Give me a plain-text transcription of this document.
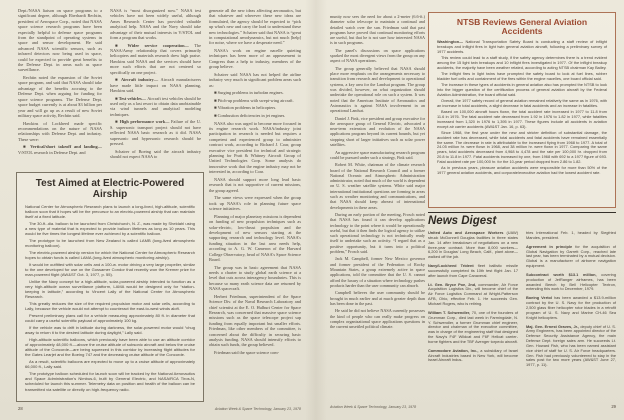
Dept./NASA liaison on space programs to a significant degree, although Eberhardt Rechtin, president of Aerospace Corp., noted that NASA space science research programs have been especially helpful to defense space programs from the standpoint of operating systems in space and sensor development. He said advanced NASA scientific sensors, such as infrared detectors now being used in space, could be expected to provide great benefits to the Defense Dept. in areas such as space surveillance.

Rechtin noted the expansion of the Soviet space program, and said that NASA should take advantage of the benefits accruing to the Defense Dept. when arguing for funding for space science programs. The Defense Dept. space budget currently is at about $3 billion per year and will go up as a result of new Soviet military space activity, Rechtin said.

Hawkins of Lockheed made specific recommendations on the nature of NASA relationships with Defense Dept. and industry. These were:

■ Vertical/short takeoff and landing— V/STOL research in Defense Dept. and

NASA is “most disorganized now.” NASA test vehicles have not been widely useful, although Ames Research Center has provided valuable analytical help. NASA and the Navy should take advantage of their mutual interests in V/STOL and form a program that works.

■ Wider service cooperation— The NASA/Army relationship that covers primarily helicopters and materials research drew high praise. Hawkins said NASA and the services should have more such efforts that are not centered so specifically on one project.

■ Aircraft industry— Aircraft manufacturers have made little impact on NASA planning, Hawkins said.

■ Test vehicles— Aircraft test vehicles should be used only as a last resort to obtain data unobtainable via wind tunnels and analytical modeling techniques.

■ High performance work— Failure of the U. S. supersonic transport project should not have reflected NASA basic research as it did. NASA supersonic and hypersonic research should be pressed.

Schairer of Boeing said the aircraft industry should not expect NASA to

generate all the new ideas affecting aeronautics, but that whatever and wherever these new ideas are formulated, the agency should be expected to “pick up what's new and carry the load to understand these new technologies.” Schairer said that NASA is “great in computational aerodynamics, but not much [help] for noise, where we have a desperate need.”

NASA's work on engine nacelle quieting techniques has been more of an appeasement to Congress than a help to industry, members of the group believe.

Schairer said NASA has not helped the airline industry very much in significant problem areas such as:

■ Surging problems in turbofan engines.

■ Pitch-up problems with swept-wing aircraft.

■ Vibration problems in helicopters.

■ Combustion deficiencies in jet engines.

NASA also was urged to become more focused in its engine research work. NASA/industry joint participation in research is needed but requires a competent and experienced group to administer contract work, according to Richard J. Coar, group executive vice president for technical and strategic planning for Pratt & Whitney Aircraft Group of United Technologies Corp. Some analysts do innovative work that the engine industry may not be interested in, according to Coar.

NASA should support more long lead basic research that is not supportive of current missions, the group agreed.

The same views were expressed when the group took up NASA's role in planning future space science initiatives.

Planning of major planetary missions is dependent on funding of new propulsion techniques such as solar-electric, low-thrust propulsion and the development of new sensors starting at the supporting research and technology level. NASA's funding situation in the last area needs help, according to A. G. W. Cameron of the Harvard College Observatory, head of NASA's Space Science Board.

The group was in basic agreement that NASA needs a charter to study global earth science at a level that cuts across interagency boundaries. This is because so many earth science data are returned by NASA spacecraft.

Herbert Friedman, superintendent of the Space Science Div. of the Naval Research Laboratory and chief scientist at the E. O. Hulburt Center for Space Research, was concerned that massive space science missions such as the space telescope project sap funding from equally important but smaller efforts. Friedman, like other members of the committee, is concerned about the difficulty in securing basic analysis funding. NASA should intensify efforts to obtain such funds, the group believed.

Friedman said the space science com-

Test Aimed at Electric-Powered Airship

National Center for Atmospheric Research plans to launch a long-lived, high-altitude, scientific balloon soon that it hopes will be the precursor to an electric-powered airship that can maintain itself at a fixed latitude.

The 30-ft.-dia. balloon to be launched from Christchurch, N. Z., was made by Sheldahl using a new type of material that is expected to provide balloon lifetimes as long as 10 years. This would be five times the longest lifetime ever achieved by a scientific balloon.

The prototype to be launched from New Zealand is called LAMB (long-lived atmospheric monitoring balloon).

The electric-powered airship version for which the National Center for Atmospheric Research hopes to obtain funds is called LAMA (long-lived atmospheric monitoring airship).

It would be outfitted with solar cells and a 100-w. motor driving a very large propeller, similar to the one developed for use on the Gossamer Condor that recently won the Kremer prize for man-powered flight (AW&ST Oct. 3, 1977, p. 55).

Unlike the Navy concept for a high-altitude, solar-powered airship intended to function as a very high-altitude ocean surveillance platform, LAMA would be designed only for “station-keeping in latitude,” according to Vincent Lally of the National Center for Atmospheric Research.

This greatly reduces the size of the required propulsion motor and solar cells, according to Lally, because the vehicle would not attempt to counteract the east-to-west winds aloft.

Present preliminary plans call for a vehicle measuring approximately 80 ft. in diameter that could carry a useful scientific payload of approximately 100 kg.

If the vehicle was to drift in latitude during darkness, the solar-powered motor would “chug away to return it to the desired latitude during daylight,” Lally said.

High-altitude scientific balloons, which previously have been able to use an altitude corridor of approximately 48,000 ft.—above the cruise altitude of subsonic aircraft and below the cruise altitude of the Concorde—are being squeezed in this corridor by increasing flight altitudes for the Gates Learjet and the Boeing 747 and the decreasing cruise altitude of the Concorde.

As a result, scientific balloons are expected to move up to a cruise altitude of approximately 66,000 ft., Lally said.

The prototype balloon scheduled for launch soon will be tracked by the National Aeronautics and Space Administration's Nimbus-6, built by General Electric, and NASA/RCA Tiros-N, scheduled for launch this summer. Telemetry data on position and health of the balloon can be transmitted via satellite or directly on high-frequency radio.

28	Aviation Week & Space Technology, January 23, 1978

munity now sees the need for about a 2-meter (6.6-ft.) diameter solar telescope to maintain a continual and detailed watch over the sun. Friedman said that past programs have proved that continual monitoring efforts are useful, but that he is not sure how interested NASA is in such programs.

The panel's discussions on space applications sparked the most divergent views from the group on any aspect of NASA operations.

The group generally believed that NASA should place more emphasis on the arrangements necessary to transition from research and development to operational systems, a key area for the Landsat program. The group was divided, however, on what organization should undertake the operational role on such a system. It was noted that the American Institute of Aeronautics and Astronautics is against NASA involvement in an operational Landsat.

Daniel J. Fink, vice president and group executive for the aerospace group of General Electric, advocated a near-term extension and evolution of the NASA applications program beyond its current bounds, but yet stopping short of larger initiatives such as solar power satellites.

An aggressive space manufacturing research program could be pursued under such a strategy, Fink said.

Robert M. White, chairman of the climate research board of the National Research Council and a former National Oceanic and Atmospheric Administration administrator, noted that much of the world is dependent on U. S. weather satellite systems. White said major international institutional questions are forming in areas such as weather monitoring and communications, and that NASA should keep abreast of international developments in these areas.

During an early portion of the meeting, Frosch noted that NASA has found it can develop applications technology to the point where it would be operationally useful, but that it then finds the logical agency to utilize such operational technology is not technically ready itself to undertake such an activity. “I regard that as a positive opportunity, but it turns into a political problem,” Frosch said.

Jack M. Campbell, former New Mexico governor and former president of the Federation of Rocky Mountain States, a group extremely active in space applications, told the committee that the U. S. cannot afford the luxury of a situation where technology pushes products harder than the user community can absorb.

Campbell believes the user community should be brought in much earlier and at much greater depth than has been done in the past.

He said he did not believe NASA currently possesses the kind of people who can really make progress on complex organizational space applications questions in the current unsettled political climate.

NTSB Reviews General Aviation Accidents

Washington— National Transportation Safety Board is conducting a staff review of inflight breakups and inflight fires in light twin general aviation aircraft, following a preliminary survey of 1977 accidents.

This review could lead to a staff study, if the safety agency determines there is a trend evident among the 15 light twin breakups and 10 inflight fires investigated in 1977. Of the inflight breakup accidents, the majority have been weather related, according to acting NTSB chairman Kay Bailey.

The inflight fires in light twins have prompted the safety board to look at fuel lines, rubber bladder fuel cells and containment of the fires within the engine nacelles, one board official said.

The increase in these types of accidents in general aviation also has prompted the NTSB to look into the bigger question of the certification process of general aviation aircraft by the Federal Aviation Administration, the board official said.

Overall, the 1977 safety record of general aviation remained relatively the same as in 1976, with an increase in total accidents, a slight decrease in fatal accidents and an increase in fatalities.

Based on 100,000 aircraft hours flown, the total accident rate increased in 1977 to 11.8 from 11.6 in 1976. The fatal accident rate decreased from 1.92 in 1976 to 1.82 in 1977, while fatalities increased from 1,320 in 1976 to 1,395 in 1977. These figures include all accidents in aviation except air carrier accidents (AW&ST Jan. 16, p. 63).

Since 1968, the first year under the new and stricter definition of substantial damage, the accident rate has decreased, while total accidents and fatal accidents have remained essentially the same. The decrease in rate is attributable to the increased flying from 1968 to 1977. A total of 24.05 million hr. were flown in 1968, and 38 million hr. were flown in 1977. Comparing the same years, total accidents decreased from 4,968 to 4,478 and the rate per 100,000 hr. dropped from 20.8 to 11.8 in 1977. Fatal accidents increased by one, from 1968 with 692 to a 1977 figure of 693. Fatal accident rate per 100,000 hr. for the 10-year period dropped from 2.86 to 1.82.

As in previous years, pleasure aviation accidents were responsible for more than 50% of the 1977 general aviation accidents, and corporate/executive aviation had the lowest accident rate.

News Digest

United Auto and Aerospace Workers (UAW) struck McDonnell Douglas facilities in three states Jan. 14 after breakdown of negotiations on a new three-year contract. More than 8,000 workers—6,200 in Douglas' Long Beach, Calif., plant alone—walked off the job.

Navy/Lockheed Trident fleet ballistic missile successfully completed its 10th test flight Jan. 17 after launch from Cape Canaveral.

Lt. Gen. Bryce Poe, 2nd, commander, Air Force Acquisition Logistics Div., will become chief of the Air Force Logistics Command at Wright-Patterson AFB, Ohio, effective Feb. 1. He succeeds Gen. Michael Rogers, who is retiring.

William T. Schwendler, 70, one of the founders of Grumman Corp., died last week in Farmingdale, N. Y. Schwendler, a former Grumman chief engineer, director and chairman of the executive committee, was in charge of the engineering staff that designed the Navy's F4F Wildcat and F6F Hellcat carrier-borne fighters and the TBF Avenger torpedo aircraft.

Commodore Aviation, Inc., a subsidiary of Israel Aircraft Industries based in New York, will become Israel Aircraft Indus-

tries International Feb. 1, headed by Siegfried Mandes, president.

Agreement in principle for the acquisition of Global Navigation by Garrett Corp., reached late last year, has been terminated by a mutual decision. Global is a manufacturer of airborne navigation equipment.

Subcontract worth $13.1 million, covering production of JetRanger airframes, has been awarded Beech by Bell Helicopter Textron, extending this work to December, 1979.

Boeing Vertol has been awarded a $13.9-million contract by the U. S. Navy for the production of 2,500 glass fiber helicopter rotor blades in a retrofit program of U. S. Navy and Marine CH-46 Sea Knight helicopters.

Maj. Gen. Ernest Graves, Jr., deputy chief of U. S. Army Engineers, has been appointed director of the Defense Security Assistance Agency, the main Defense Dept. foreign sales arm. He succeeds Lt. Gen. Howard Fish, who has been named assistant vice chief of staff for U. S. Air Force headquarters. Gen. Fish had previously volunteered to stay in the sales post for two more years (AW&ST June 27, 1977, p. 11).

Aviation Week & Space Technology, January 23, 1978	29
